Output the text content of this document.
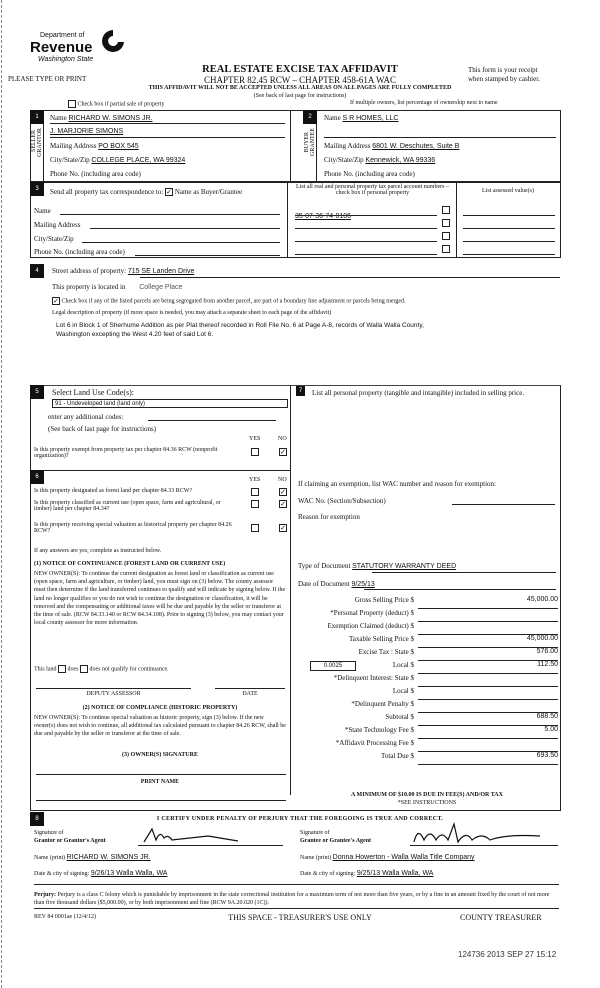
Department of
Revenue
Washington State
PLEASE TYPE OR PRINT
REAL ESTATE EXCISE TAX AFFIDAVIT
CHAPTER 82.45 RCW – CHAPTER 458-61A WAC
This form is your receipt
when stamped by cashier.
THIS AFFIDAVIT WILL NOT BE ACCEPTED UNLESS ALL AREAS ON ALL PAGES ARE FULLY COMPLETED
(See back of last page for instructions)
Check box if partial sale of property	If multiple owners, list percentage of ownership next to name
1
SELLER GRANTOR
Name RICHARD W. SIMONS JR.
J. MARJORIE SIMONS
Mailing Address PO BOX 545
City/State/Zip COLLEGE PLACE, WA 99324
Phone No. (including area code)
2
BUYER GRANTEE
Name S R HOMES, LLC
Mailing Address 6801 W. Deschutes, Suite B
City/State/Zip Kennewick, WA 99336
Phone No. (including area code)
3	Send all property tax correspondence to: ✓ Name as Buyer/Grantee
Name
Mailing Address
City/State/Zip
Phone No. (including area code)
List all real and personal property tax parcel account numbers – check box if personal property	List assessed value(s)
35-07-36-74-0106
4	Street address of property: 715 SE Landen Drive
This property is located in College Place
✓ Check box if any of the listed parcels are being segregated from another parcel, are part of a boundary line adjustment or parcels being merged.
Legal description of property (if more space is needed, you may attach a separate sheet to each page of the affidavit)
Lot 6 in Block 1 of Sherhume Addition as per Plat thereof recorded in Roll File No. 6 at Page A-8, records of Walla Walla County,
Washington excepting the West 4.20 feet of said Lot 6.
5	Select Land Use Code(s):
91 - Undeveloped land (land only)
enter any additional codes:
(See back of last page for instructions)
YES	NO
Is this property exempt from property tax per chapter 84.36 RCW (nonprofit organization)?	✓
6	YES	NO
Is this property designated as forest land per chapter 84.33 RCW?	✓
Is this property classified as current use (open space, farm and agricultural, or timber) land per chapter 84.34?
✓
Is this property receiving special valuation as historical property per chapter 84.26 RCW?	✓
If any answers are yes, complete as instructed below.
(1) NOTICE OF CONTINUANCE (FOREST LAND OR CURRENT USE)
NEW OWNER(S): To continue the current designation as forest land or classification as current use (open space, farm and agriculture, or timber) land, you must sign on (3) below. The county assessor must then determine if the land transferred continues to qualify and will indicate by signing below. If the land no longer qualifies or you do not wish to continue the designation or classification, it will be removed and the compensating or additional taxes will be due and payable by the seller or transferor at the time of sale. (RCW 84.33.140 or RCW 84.34.108). Prior to signing (3) below, you may contact your local county assessor for more information.
This land does does not qualify for continuance.
DEPUTY ASSESSOR	DATE
(2) NOTICE OF COMPLIANCE (HISTORIC PROPERTY)
NEW OWNER(S): To continue special valuation as historic property, sign (3) below. If the new owner(s) does not wish to continue, all additional tax calculated pursuant to chapter 84.26 RCW, shall be due and payable by the seller or transferor at the time of sale.
(3) OWNER(S) SIGNATURE
PRINT NAME
7	List all personal property (tangible and intangible) included in selling price.
If claiming an exemption, list WAC number and reason for exemption:
WAC No. (Section/Subsection)
Reason for exemption
Type of Document STATUTORY WARRANTY DEED
Date of Document 9/25/13
Gross Selling Price $	45,000.00
*Personal Property (deduct) $
Exemption Claimed (deduct) $
Taxable Selling Price $	45,000.00
Excise Tax : State $	576.00
0.0025	Local $	112.50
*Delinquent Interest: State $
Local $
*Delinquent Penalty $
Subtotal $	688.50
*State Technology Fee $	5.00
*Affidavit Processing Fee $
Total Due $	693.50
A MINIMUM OF $10.00 IS DUE IN FEE(S) AND/OR TAX
*SEE INSTRUCTIONS
8	I CERTIFY UNDER PENALTY OF PERJURY THAT THE FOREGOING IS TRUE AND CORRECT.
Signature of
Grantor or Grantor's Agent
Name (print) RICHARD W. SIMONS JR.
Date & city of signing: 9/26/13 Walla Walla, WA
Signature of
Grantee or Grantee's Agent
Name (print) Donna Howerton - Walla Walla Title Company
Date & city of signing: 9/25/13 Walla Walla, WA
Perjury: Perjury is a class C felony which is punishable by imprisonment in the state correctional institution for a maximum term of not more than five years, or by a fine in an amount fixed by the court of not more than five thousand dollars ($5,000.00), or by both imprisonment and fine (RCW 9A.20.020 (1C)).
REV 84 0001ae (12/4/12)	THIS SPACE - TREASURER'S USE ONLY	COUNTY TREASURER
124736 2013 SEP 27 15:12
